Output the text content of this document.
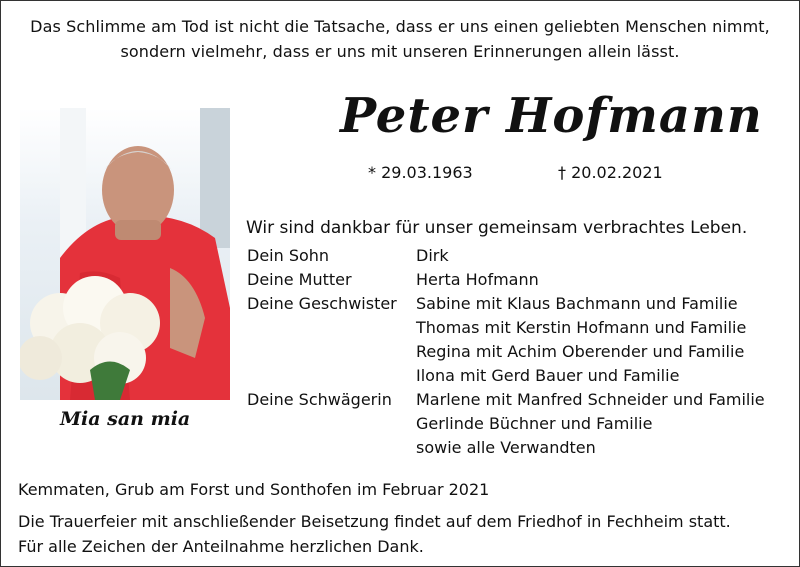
Das Schlimme am Tod ist nicht die Tatsache, dass er uns einen geliebten Menschen nimmt,
sondern vielmehr, dass er uns mit unseren Erinnerungen allein lässt.
Peter Hofmann
* 29.03.1963	† 20.02.2021
Mia san mia
Wir sind dankbar für unser gemeinsam verbrachtes Leben.
Dein Sohn	Dirk
Deine Mutter	Herta Hofmann
Deine Geschwister	Sabine mit Klaus Bachmann und Familie
Thomas mit Kerstin Hofmann und Familie
Regina mit Achim Oberender und Familie
Ilona mit Gerd Bauer und Familie
Deine Schwägerin	Marlene mit Manfred Schneider und Familie
Gerlinde Büchner und Familie
sowie alle Verwandten
Kemmaten, Grub am Forst und Sonthofen im Februar 2021
Die Trauerfeier mit anschließender Beisetzung findet auf dem Friedhof in Fechheim statt.
Für alle Zeichen der Anteilnahme herzlichen Dank.
